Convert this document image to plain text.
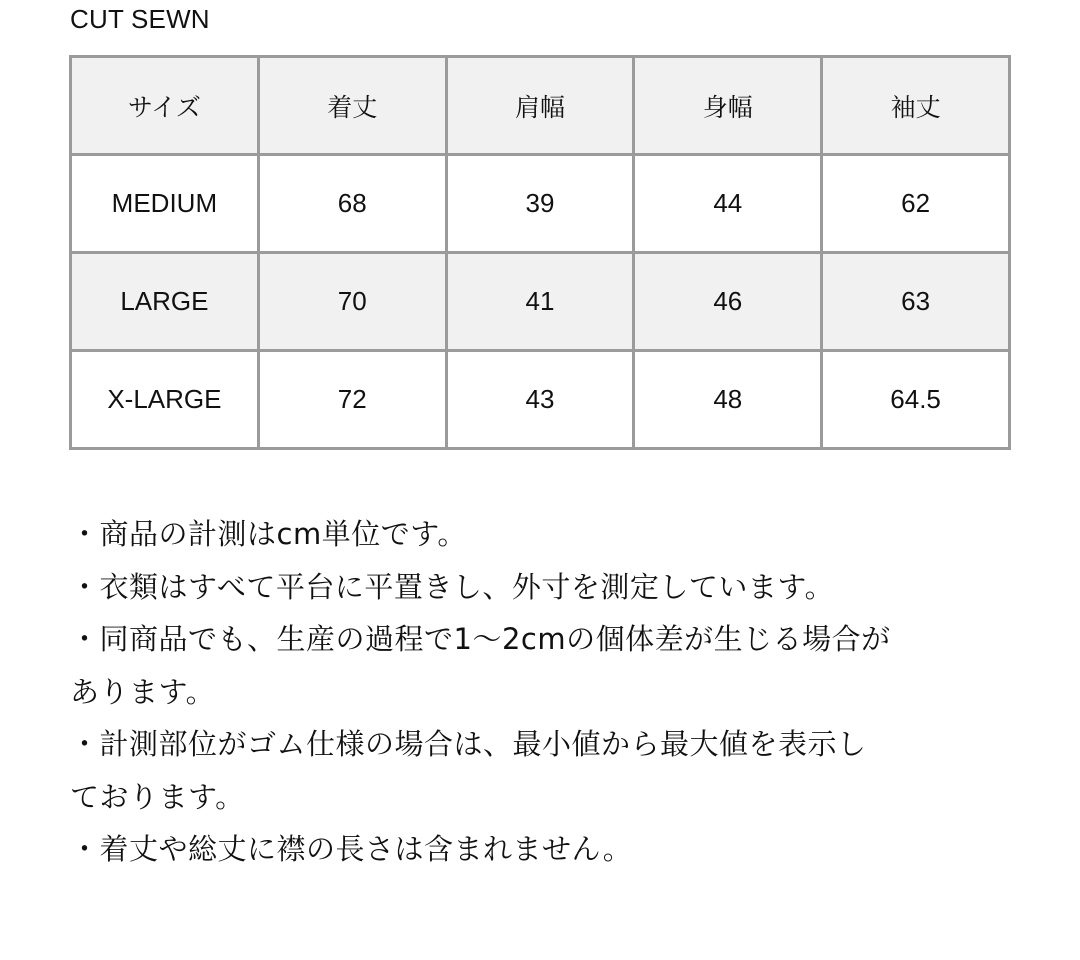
CUT SEWN
サイズ	着丈	肩幅	身幅	袖丈
MEDIUM	68	39	44	62
LARGE	70	41	46	63
X-LARGE	72	43	48	64.5

・商品の計測はcm単位です。

・衣類はすべて平台に平置きし、外寸を測定しています。

・同商品でも、生産の過程で1〜2cmの個体差が生じる場合が

あります。

・計測部位がゴム仕様の場合は、最小値から最大値を表示し

ております。

・着丈や総丈に襟の長さは含まれません。
